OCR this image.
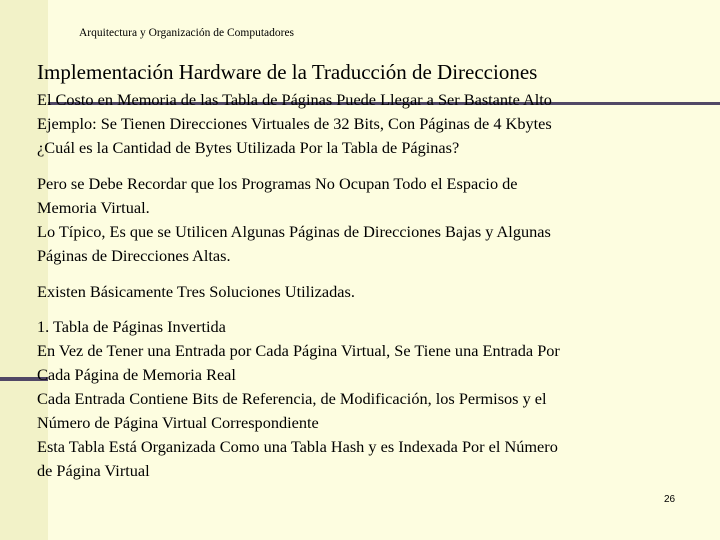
Arquitectura y Organización de Computadores
Implementación Hardware de la Traducción de Direcciones
El Costo en Memoria de las Tabla de Páginas Puede Llegar a Ser Bastante Alto
Ejemplo: Se Tienen Direcciones Virtuales de 32 Bits, Con Páginas de 4 Kbytes
¿Cuál es la Cantidad de Bytes Utilizada Por la Tabla de Páginas?
Pero se Debe Recordar que los Programas No Ocupan Todo el Espacio de
Memoria Virtual.
Lo Típico, Es que se Utilicen Algunas Páginas de Direcciones Bajas y Algunas
Páginas de Direcciones Altas.
Existen Básicamente Tres Soluciones Utilizadas.
1. Tabla de Páginas Invertida
En Vez de Tener una Entrada por Cada Página Virtual, Se Tiene una Entrada Por
Cada Página de Memoria Real
Cada Entrada Contiene Bits de Referencia, de Modificación, los Permisos y el
Número de Página Virtual Correspondiente
Esta Tabla Está Organizada Como una Tabla Hash y es Indexada Por el Número
de Página Virtual
26
